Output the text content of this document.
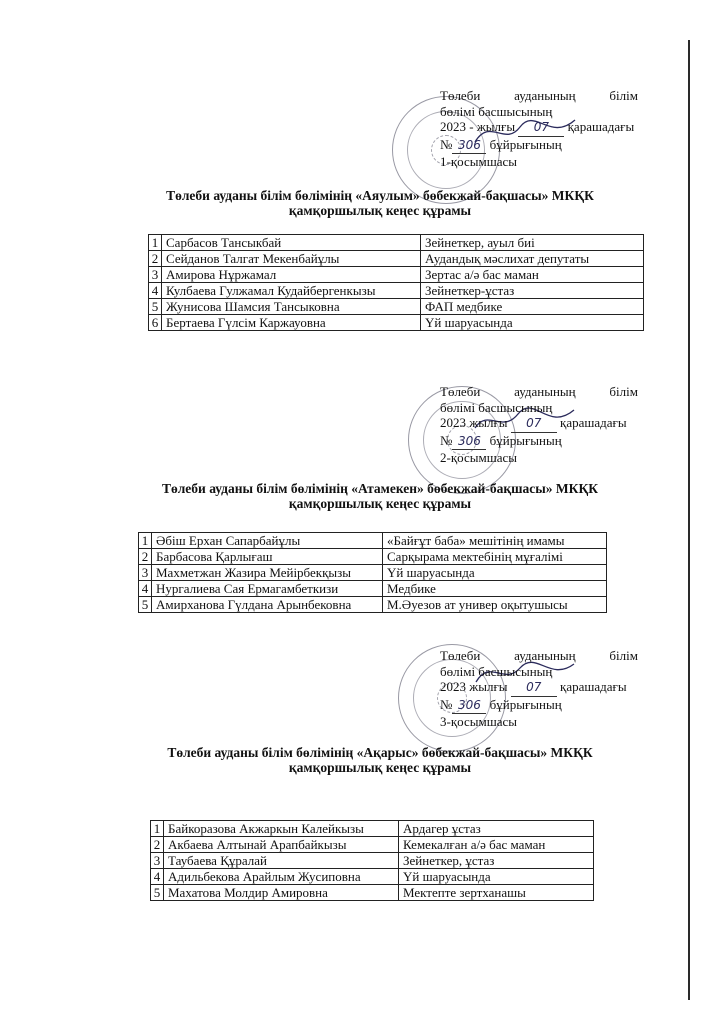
Төлеби	ауданының	білім
бөлімі басшысының
2023 - жылғы 07 қарашадағы
№ 306 бұйрығының
1-қосымшасы
Төлеби ауданы білім бөлімінің «Аяулым» бөбекжай-бақшасы» МКҚК
қамқоршылық кеңес құрамы
1	Сарбасов Тансыкбай	Зейнеткер, ауыл биі
2	Сейданов Талгат Мекенбайұлы	Аудандық мәслихат депутаты
3	Амирова Нұржамал	Зертас а/ә бас маман
4	Кулбаева Гулжамал Кудайбергенкызы	Зейнеткер-ұстаз
5	Жунисова Шамсия Тансыковна	ФАП медбике
6	Бертаева Гүлсім Каржауовна	Үй шаруасында
Төлеби	ауданының	білім
бөлімі басшысының
2023 жылғы 07 қарашадағы
№ 306 бұйрығының
2-қосымшасы
Төлеби ауданы білім бөлімінің «Атамекен» бөбекжай-бақшасы» МКҚК
қамқоршылық кеңес құрамы
1	Әбіш Ерхан Сапарбайұлы	«Байғұт баба» мешітінің имамы
2	Барбасова Қарлығаш	Сарқырама мектебінің мұғалімі
3	Махметжан Жазира Мейірбекқызы	Үй шаруасында
4	Нургалиева Сая Ермагамбеткизи	Медбике
5	Амирханова Гүлдана Арынбековна	М.Әуезов ат универ оқытушысы
Төлеби	ауданының	білім
бөлімі басшысының
2023 жылғы 07 қарашадағы
№ 306 бұйрығының
3-қосымшасы
Төлеби ауданы білім бөлімінің «Ақарыс» бөбекжай-бақшасы» МКҚК
қамқоршылық кеңес құрамы
1	Байкоразова Акжаркын Калейкызы	Ардагер ұстаз
2	Акбаева Алтынай Арапбайкызы	Кемекалған а/ә бас маман
3	Таубаева Құралай	Зейнеткер, ұстаз
4	Адильбекова Арайлым Жусиповна	Үй шаруасында
5	Махатова Молдир Амировна	Мектепте зертханашы
